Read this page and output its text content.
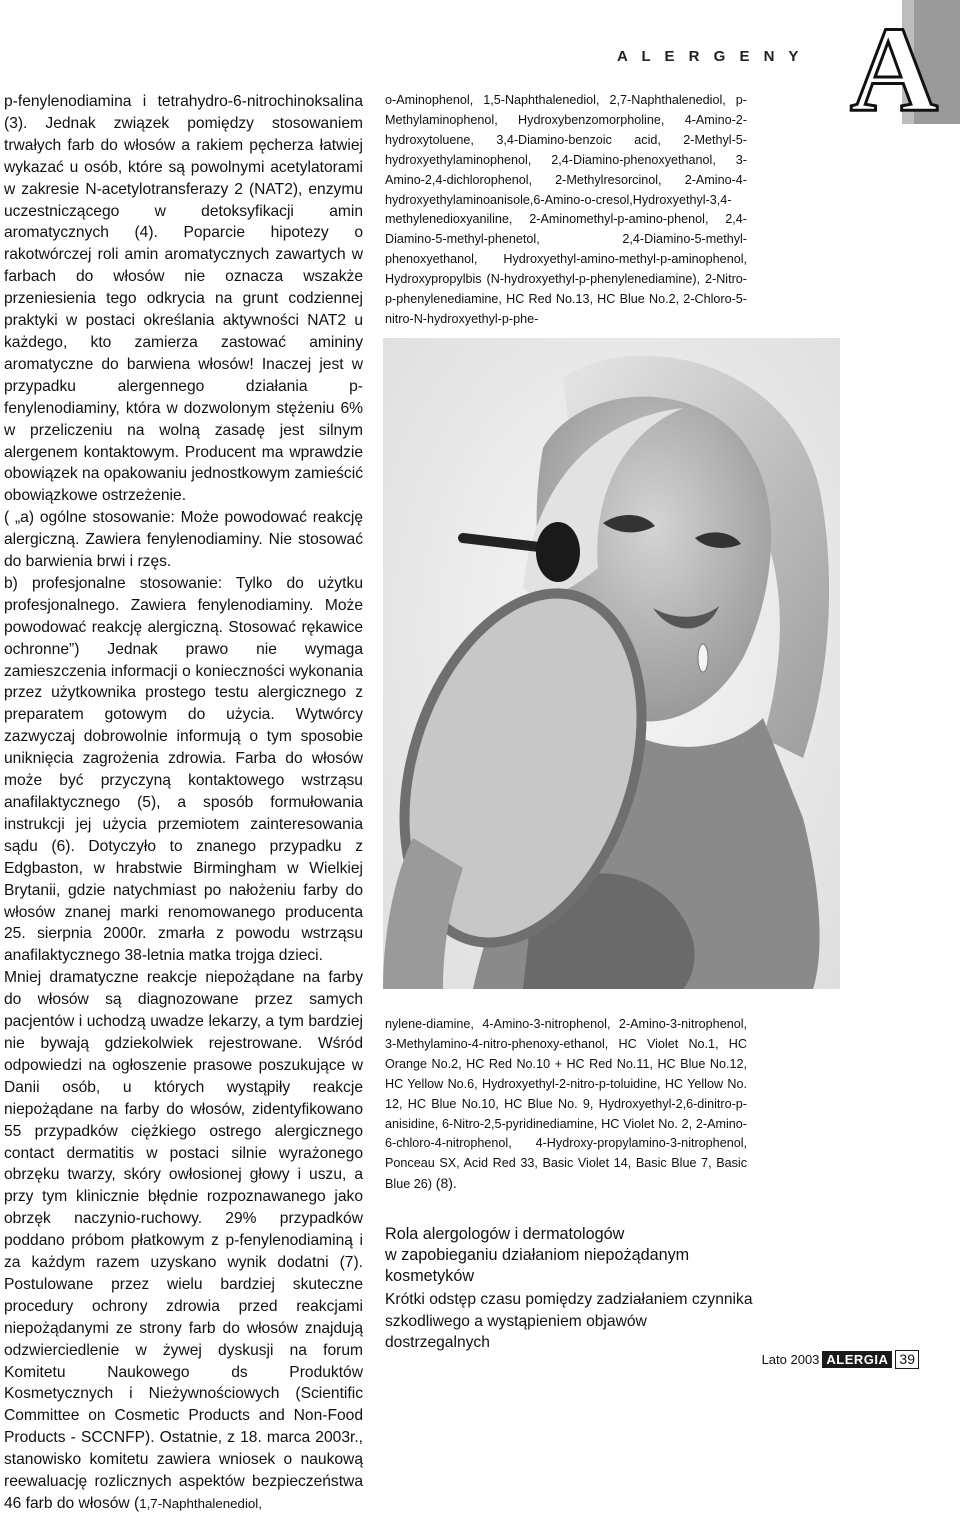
A L E R G E N Y A

p-fenylenodiamina i tetrahydro-6-nitrochinoksalina (3). Jednak związek pomiędzy stosowaniem trwałych farb do włosów a rakiem pęcherza łatwiej wykazać u osób, które są powolnymi acetylatorami w zakresie N-acetylotransferazy 2 (NAT2), enzymu uczestniczącego w detoksyfikacji amin aromatycznych (4). Poparcie hipotezy o rakotwórczej roli amin aromatycznych zawartych w farbach do włosów nie oznacza wszakże przeniesienia tego odkrycia na grunt codziennej praktyki w postaci określania aktywności NAT2 u każdego, kto zamierza zastować amininy aromatyczne do barwiena włosów! Inaczej jest w przypadku alergennego działania p-fenylenodiaminy, która w dozwolonym stężeniu 6% w przeliczeniu na wolną zasadę jest silnym alergenem kontaktowym. Producent ma wprawdzie obowiązek na opakowaniu jednostkowym zamieścić obowiązkowe ostrzeżenie.

( „a) ogólne stosowanie: Może powodować reakcję alergiczną. Zawiera fenylenodiaminy. Nie stosować do barwienia brwi i rzęs.

b) profesjonalne stosowanie: Tylko do użytku profesjonalnego. Zawiera fenylenodiaminy. Może powodować reakcję alergiczną. Stosować rękawice ochronne”) Jednak prawo nie wymaga zamieszczenia informacji o konieczności wykonania przez użytkownika prostego testu alergicznego z preparatem gotowym do użycia. Wytwórcy zazwyczaj dobrowolnie informują o tym sposobie uniknięcia zagrożenia zdrowia. Farba do włosów może być przyczyną kontaktowego wstrząsu anafilaktycznego (5), a sposób formułowania instrukcji jej użycia przemiotem zainteresowania sądu (6). Dotyczyło to znanego przypadku z Edgbaston, w hrabstwie Birmingham w Wielkiej Brytanii, gdzie natychmiast po nałożeniu farby do włosów znanej marki renomowanego producenta 25. sierpnia 2000r. zmarła z powodu wstrząsu anafilaktycznego 38-letnia matka trojga dzieci.

Mniej dramatyczne reakcje niepożądane na farby do włosów są diagnozowane przez samych pacjentów i uchodzą uwadze lekarzy, a tym bardziej nie bywają gdziekolwiek rejestrowane. Wśród odpowiedzi na ogłoszenie prasowe poszukujące w Danii osób, u których wystąpiły reakcje niepożądane na farby do włosów, zidentyfikowano 55 przypadków ciężkiego ostrego alergicznego contact dermatitis w postaci silnie wyrażonego obrzęku twarzy, skóry owłosionej głowy i uszu, a przy tym klinicznie błędnie rozpoznawanego jako obrzęk naczynio-ruchowy. 29% przypadków poddano próbom płatkowym z p-fenylenodiaminą i za każdym razem uzyskano wynik dodatni (7). Postulowane przez wielu bardziej skuteczne procedury ochrony zdrowia przed reakcjami niepożądanymi ze strony farb do włosów znajdują odzwierciedlenie w żywej dyskusji na forum Komitetu Naukowego ds Produktów Kosmetycznych i Nieżywnościowych (Scientific Committee on Cosmetic Products and Non-Food Products - SCCNFP). Ostatnie, z 18. marca 2003r., stanowisko komitetu zawiera wniosek o naukową reewaluację rozlicznych aspektów bezpieczeństwa 46 farb do włosów (1,7-Naphthalenediol,

o-Aminophenol, 1,5-Naphthalenediol, 2,7-Naphthalenediol, p-Methylaminophenol, Hydroxybenzomorpholine, 4-Amino-2-hydroxytoluene, 3,4-Diamino-benzoic acid, 2-Methyl-5-hydroxyethylaminophenol, 2,4-Diamino-phenoxyethanol, 3-Amino-2,4-dichlorophenol, 2-Methylresorcinol, 2-Amino-4-hydroxyethylaminoanisole,6-Amino-o-cresol,Hydroxyethyl-3,4-methylenedioxyaniline, 2-Aminomethyl-p-amino-phenol, 2,4-Diamino-5-methyl-phenetol, 2,4-Diamino-5-methyl-phenoxyethanol, Hydroxyethyl-amino-methyl-p-aminophenol, Hydroxypropylbis (N-hydroxyethyl-p-phenylenediamine), 2-Nitro-p-phenylenediamine, HC Red No.13, HC Blue No.2, 2-Chloro-5-nitro-N-hydroxyethyl-p-phe-

nylene-diamine, 4-Amino-3-nitrophenol, 2-Amino-3-nitrophenol, 3-Methylamino-4-nitro-phenoxy-ethanol, HC Violet No.1, HC Orange No.2, HC Red No.10 + HC Red No.11, HC Blue No.12, HC Yellow No.6, Hydroxyethyl-2-nitro-p-toluidine, HC Yellow No. 12, HC Blue No.10, HC Blue No. 9, Hydroxyethyl-2,6-dinitro-p-anisidine, 6-Nitro-2,5-pyridinediamine, HC Violet No. 2, 2-Amino-6-chloro-4-nitrophenol, 4-Hydroxy-propylamino-3-nitrophenol, Ponceau SX, Acid Red 33, Basic Violet 14, Basic Blue 7, Basic Blue 26) (8).

Rola alergologów i dermatologów
w zapobieganiu działaniom niepożądanym
kosmetyków

Krótki odstęp czasu pomiędzy zadziałaniem czynnika szkodliwego a wystąpieniem objawów dostrzegalnych

Lato 2003 ALERGIA 39
